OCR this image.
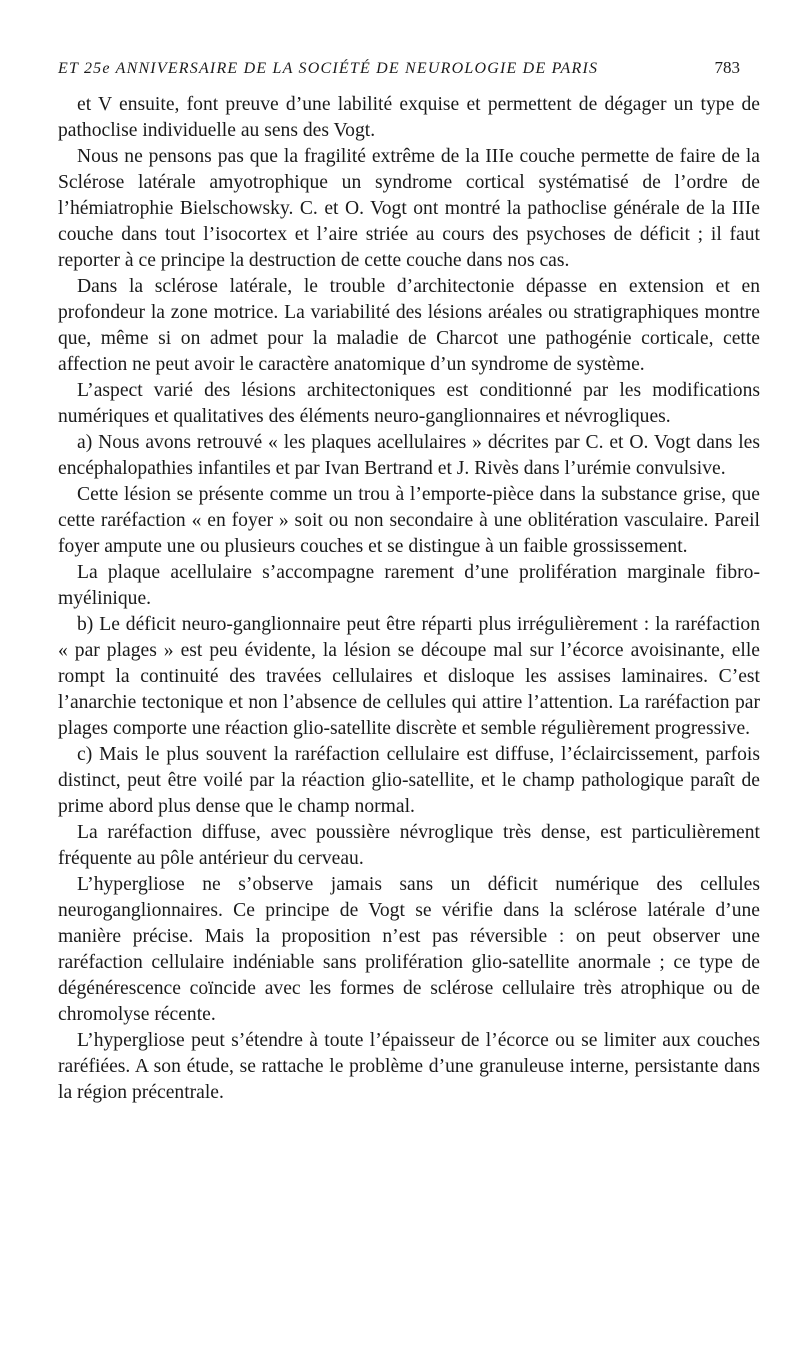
ET 25e ANNIVERSAIRE DE LA SOCIÉTÉ DE NEUROLOGIE DE PARIS	783

et V ensuite, font preuve d’une labilité exquise et permettent de dégager un type de pathoclise individuelle au sens des Vogt.

Nous ne pensons pas que la fragilité extrême de la IIIe couche permette de faire de la Sclérose latérale amyotrophique un syndrome cortical systématisé de l’ordre de l’hémiatrophie Bielschowsky. C. et O. Vogt ont montré la pathoclise générale de la IIIe couche dans tout l’isocortex et l’aire striée au cours des psychoses de déficit ; il faut reporter à ce principe la destruction de cette couche dans nos cas.

Dans la sclérose latérale, le trouble d’architectonie dépasse en extension et en profondeur la zone motrice. La variabilité des lésions aréales ou stratigraphiques montre que, même si on admet pour la maladie de Charcot une pathogénie corticale, cette affection ne peut avoir le caractère anatomique d’un syndrome de système.

L’aspect varié des lésions architectoniques est conditionné par les modifications numériques et qualitatives des éléments neuro-ganglionnaires et névrogliques.

a) Nous avons retrouvé « les plaques acellulaires » décrites par C. et O. Vogt dans les encéphalopathies infantiles et par Ivan Bertrand et J. Rivès dans l’urémie convulsive.

Cette lésion se présente comme un trou à l’emporte-pièce dans la substance grise, que cette raréfaction « en foyer » soit ou non secondaire à une oblitération vasculaire. Pareil foyer ampute une ou plusieurs couches et se distingue à un faible grossissement.

La plaque acellulaire s’accompagne rarement d’une prolifération marginale fibro-myélinique.

b) Le déficit neuro-ganglionnaire peut être réparti plus irrégulièrement : la raréfaction « par plages » est peu évidente, la lésion se découpe mal sur l’écorce avoisinante, elle rompt la continuité des travées cellulaires et disloque les assises laminaires. C’est l’anarchie tectonique et non l’absence de cellules qui attire l’attention. La raréfaction par plages comporte une réaction glio-satellite discrète et semble régulièrement progressive.

c) Mais le plus souvent la raréfaction cellulaire est diffuse, l’éclaircissement, parfois distinct, peut être voilé par la réaction glio-satellite, et le champ pathologique paraît de prime abord plus dense que le champ normal.

La raréfaction diffuse, avec poussière névroglique très dense, est particulièrement fréquente au pôle antérieur du cerveau.

L’hypergliose ne s’observe jamais sans un déficit numérique des cellules neuroganglionnaires. Ce principe de Vogt se vérifie dans la sclérose latérale d’une manière précise. Mais la proposition n’est pas réversible : on peut observer une raréfaction cellulaire indéniable sans prolifération glio-satellite anormale ; ce type de dégénérescence coïncide avec les formes de sclérose cellulaire très atrophique ou de chromolyse récente.

L’hypergliose peut s’étendre à toute l’épaisseur de l’écorce ou se limiter aux couches raréfiées. A son étude, se rattache le problème d’une granuleuse interne, persistante dans la région précentrale.
